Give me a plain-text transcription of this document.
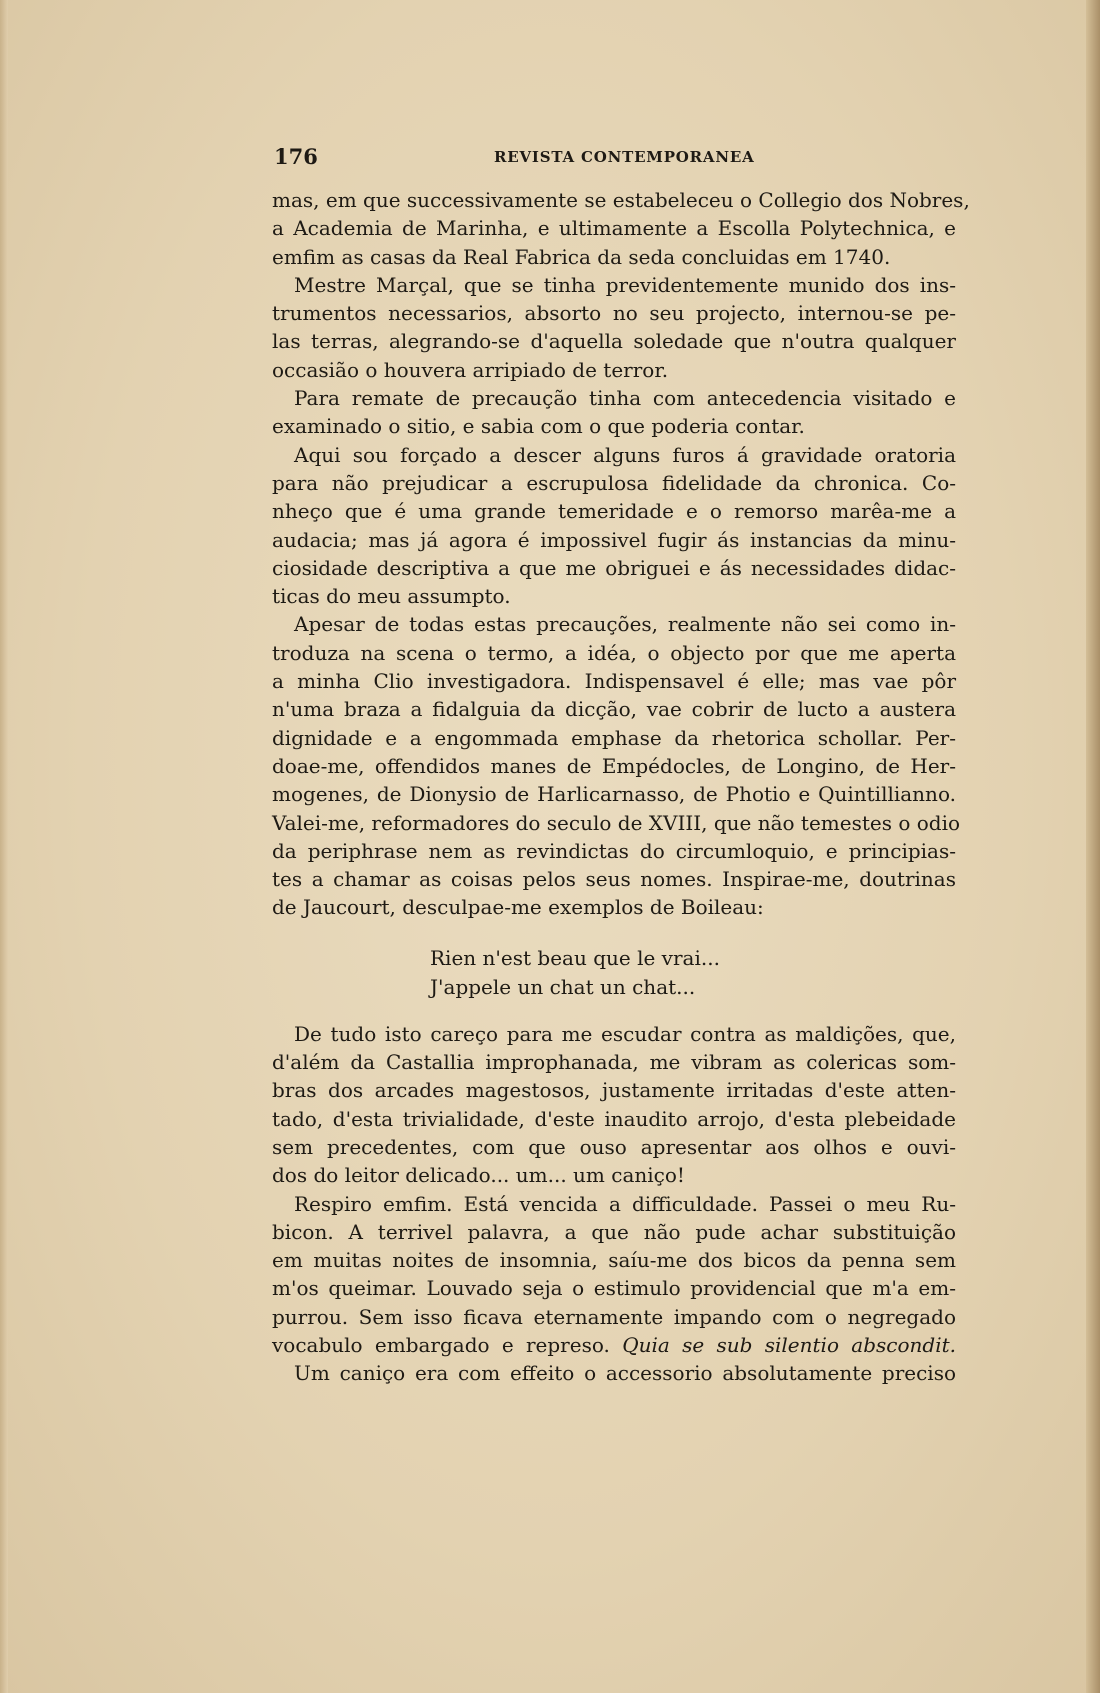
176	REVISTA CONTEMPORANEA
mas, em que successivamente se estabeleceu o Collegio dos Nobres,
a Academia de Marinha, e ultimamente a Escolla Polytechnica, e
emfim as casas da Real Fabrica da seda concluidas em 1740.
Mestre Marçal, que se tinha previdentemente munido dos ins-
trumentos necessarios, absorto no seu projecto, internou-se pe-
las terras, alegrando-se d'aquella soledade que n'outra qualquer
occasião o houvera arripiado de terror.
Para remate de precaução tinha com antecedencia visitado e
examinado o sitio, e sabia com o que poderia contar.
Aqui sou forçado a descer alguns furos á gravidade oratoria
para não prejudicar a escrupulosa fidelidade da chronica. Co-
nheço que é uma grande temeridade e o remorso marêa-me a
audacia; mas já agora é impossivel fugir ás instancias da minu-
ciosidade descriptiva a que me obriguei e ás necessidades didac-
ticas do meu assumpto.
Apesar de todas estas precauções, realmente não sei como in-
troduza na scena o termo, a idéa, o objecto por que me aperta
a minha Clio investigadora. Indispensavel é elle; mas vae pôr
n'uma braza a fidalguia da dicção, vae cobrir de lucto a austera
dignidade e a engommada emphase da rhetorica schollar. Per-
doae-me, offendidos manes de Empédocles, de Longino, de Her-
mogenes, de Dionysio de Harlicarnasso, de Photio e Quintillianno.
Valei-me, reformadores do seculo de XVIII, que não temestes o odio
da periphrase nem as revindictas do circumloquio, e principias-
tes a chamar as coisas pelos seus nomes. Inspirae-me, doutrinas
de Jaucourt, desculpae-me exemplos de Boileau:
Rien n'est beau que le vrai...
J'appele un chat un chat...
De tudo isto careço para me escudar contra as maldições, que,
d'além da Castallia improphanada, me vibram as colericas som-
bras dos arcades magestosos, justamente irritadas d'este atten-
tado, d'esta trivialidade, d'este inaudito arrojo, d'esta plebeidade
sem precedentes, com que ouso apresentar aos olhos e ouvi-
dos do leitor delicado... um... um caniço!
Respiro emfim. Está vencida a difficuldade. Passei o meu Ru-
bicon. A terrivel palavra, a que não pude achar substituição
em muitas noites de insomnia, saíu-me dos bicos da penna sem
m'os queimar. Louvado seja o estimulo providencial que m'a em-
purrou. Sem isso ficava eternamente impando com o negregado
vocabulo embargado e represo. Quia se sub silentio abscondit.
Um caniço era com effeito o accessorio absolutamente preciso
